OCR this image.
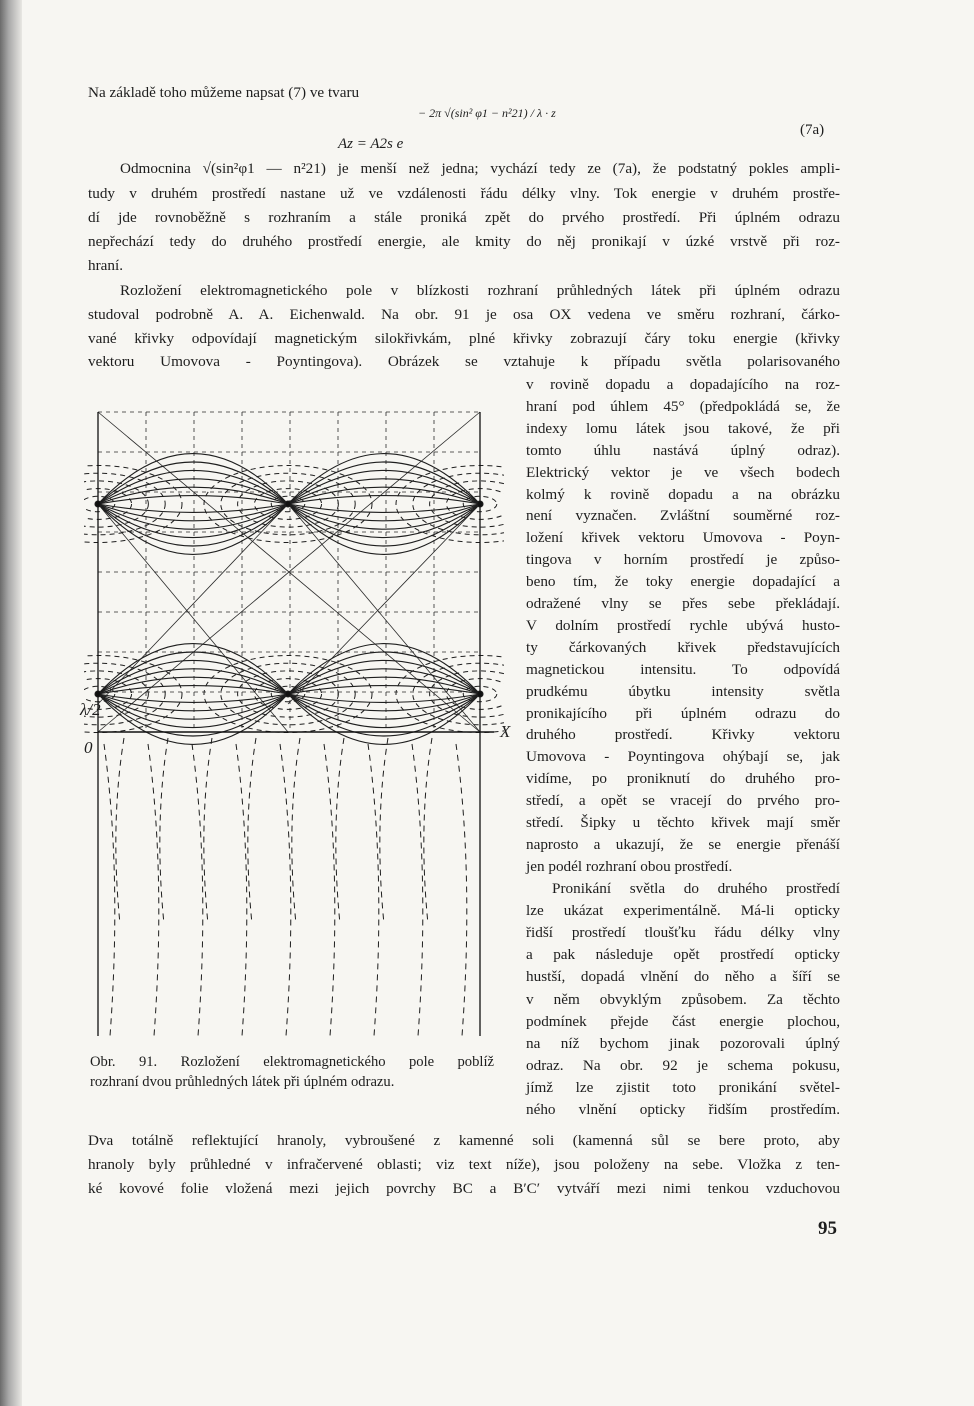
Na základě toho můžeme napsat (7) ve tvaru
Az = A2s e
− 2π √(sin² φ1 − n²21) / λ · z
(7a)
Odmocnina √(sin²φ1 — n²21) je menší než jedna; vychází tedy ze (7a), že podstatný pokles ampli-
tudy v druhém prostředí nastane už ve vzdálenosti řádu délky vlny. Tok energie v druhém prostře-
dí jde rovnoběžně s rozhraním a stále proniká zpět do prvého prostředí. Při úplném odrazu
nepřechází tedy do druhého prostředí energie, ale kmity do něj pronikají v úzké vrstvě při roz-
hraní.
Rozložení elektromagnetického pole v blízkosti rozhraní průhledných látek při úplném odrazu
studoval podrobně A. A. Eichenwald. Na obr. 91 je osa OX vedena ve směru rozhraní, čárko-
vané křivky odpovídají magnetickým silokřivkám, plné křivky zobrazují čáry toku energie (křivky
vektoru Umovova - Poyntingova). Obrázek se vztahuje k případu světla polarisovaného
v rovině dopadu a dopadajícího na roz-
hraní pod úhlem 45° (předpokládá se, že
indexy lomu látek jsou takové, že při
tomto úhlu nastává úplný odraz).
Elektrický vektor je ve všech bodech
kolmý k rovině dopadu a na obrázku
není vyznačen. Zvláštní souměrné roz-
ložení křivek vektoru Umovova - Poyn-
tingova v horním prostředí je způso-
beno tím, že toky energie dopadající a
odražené vlny se přes sebe překládají.
V dolním prostředí rychle ubývá husto-
ty čárkovaných křivek představujících
magnetickou intensitu. To odpovídá
prudkému úbytku intensity světla
pronikajícího při úplném odrazu do
druhého prostředí. Křivky vektoru
Umovova - Poyntingova ohýbají se, jak
vidíme, po proniknutí do druhého pro-
středí, a opět se vracejí do prvého pro-
středí. Šipky u těchto křivek mají směr
naprosto a ukazují, že se energie přenáší
jen podél rozhraní obou prostředí.
Pronikání světla do druhého prostředí
lze ukázat experimentálně. Má-li opticky
řidší prostředí tloušťku řádu délky vlny
a pak následuje opět prostředí opticky
hustší, dopadá vlnění do něho a šíří se
v něm obvyklým způsobem. Za těchto
podmínek přejde část energie plochou,
na níž bychom jinak pozorovali úplný
odraz. Na obr. 92 je schema pokusu,
jímž lze zjistit toto pronikání světel-
ného vlnění opticky řidším prostředím.
Dva totálně reflektující hranoly, vybroušené z kamenné soli (kamenná sůl se bere proto, aby
hranoly byly průhledné v infračervené oblasti; viz text níže), jsou položeny na sebe. Vložka z ten-
ké kovové folie vložená mezi jejich povrchy BC a B′C′ vytváří mezi nimi tenkou vzduchovou
λ/2
0
X
Obr. 91. Rozložení elektromagnetického pole poblíž
rozhraní dvou průhledných látek při úplném odrazu.
95
